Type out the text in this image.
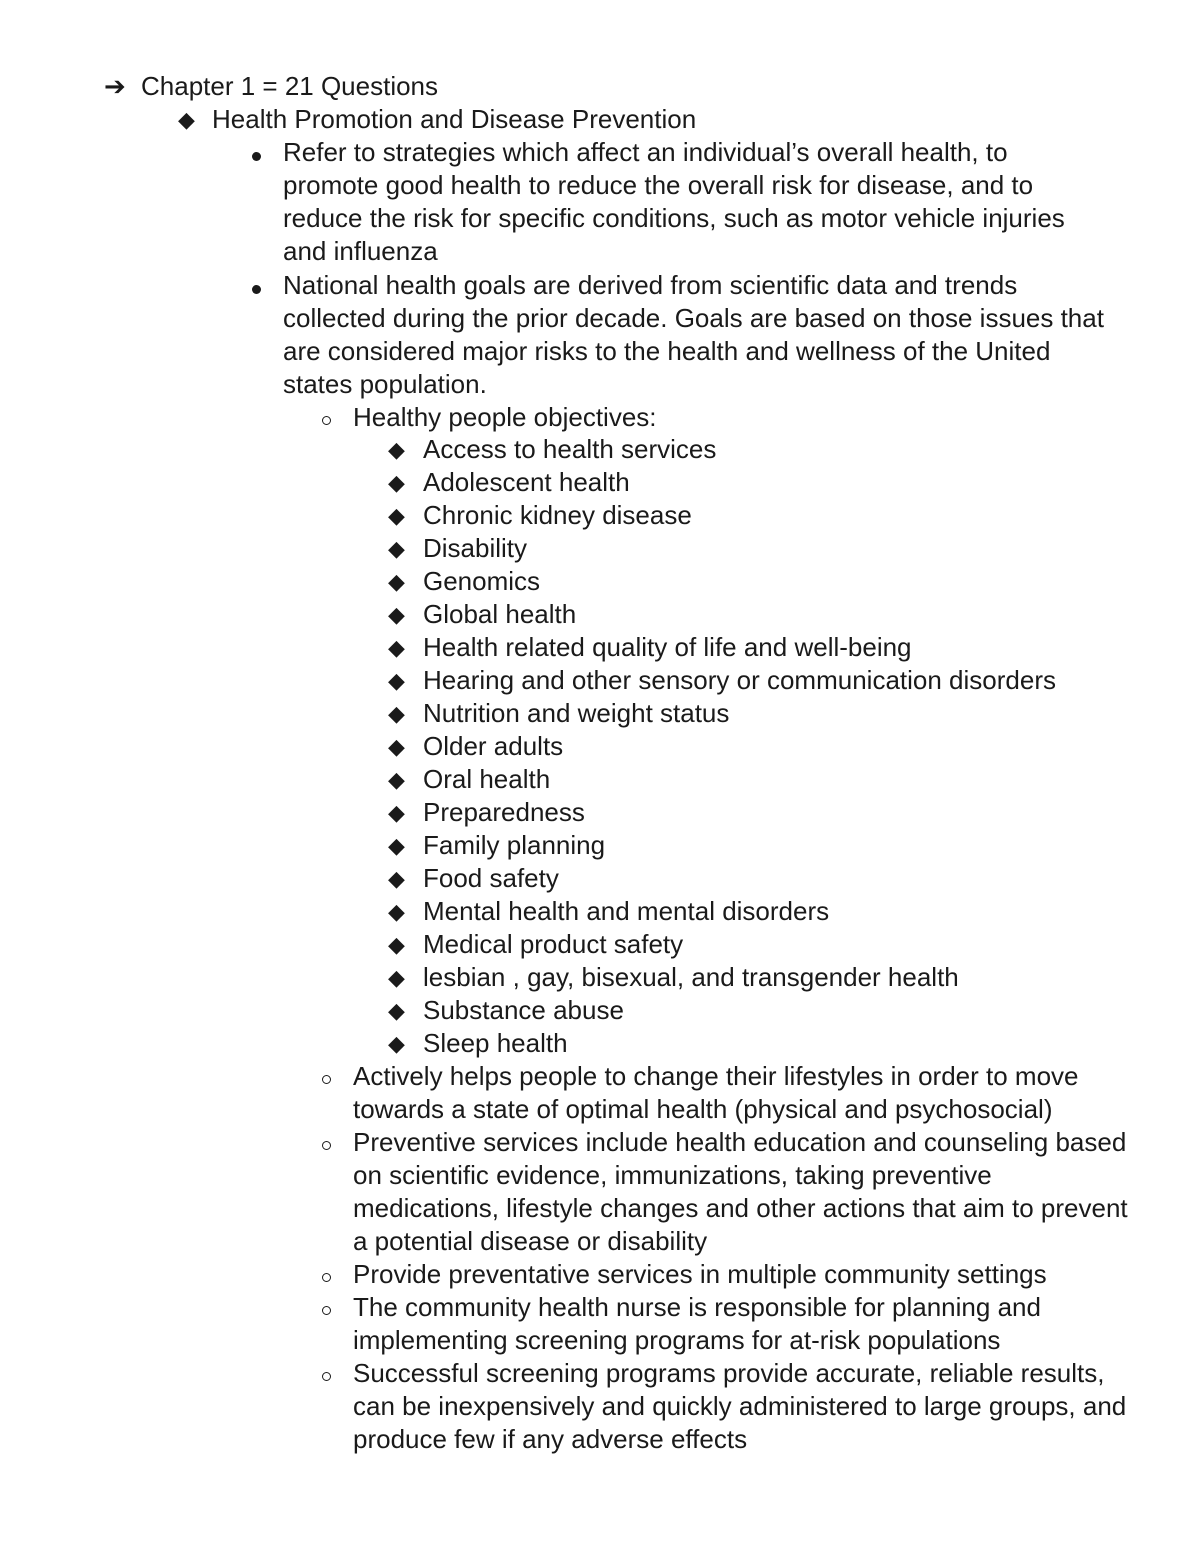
➔ Chapter 1 = 21 Questions
◆ Health Promotion and Disease Prevention
Refer to strategies which affect an individual’s overall health, to promote good health to reduce the overall risk for disease, and to reduce the risk for specific conditions, such as motor vehicle injuries and influenza
National health goals are derived from scientific data and trends collected during the prior decade. Goals are based on those issues that are considered major risks to the health and wellness of the United states population.
Healthy people objectives:
◆ Access to health services
◆ Adolescent health
◆ Chronic kidney disease
◆ Disability
◆ Genomics
◆ Global health
◆ Health related quality of life and well-being
◆ Hearing and other sensory or communication disorders
◆ Nutrition and weight status
◆ Older adults
◆ Oral health
◆ Preparedness
◆ Family planning
◆ Food safety
◆ Mental health and mental disorders
◆ Medical product safety
◆ lesbian , gay, bisexual, and transgender health
◆ Substance abuse
◆ Sleep health
Actively helps people to change their lifestyles in order to move towards a state of optimal health (physical and psychosocial)
Preventive services include health education and counseling based on scientific evidence, immunizations, taking preventive medications, lifestyle changes and other actions that aim to prevent a potential disease or disability
Provide preventative services in multiple community settings
The community health nurse is responsible for planning and implementing screening programs for at-risk populations
Successful screening programs provide accurate, reliable results, can be inexpensively and quickly administered to large groups, and produce few if any adverse effects
